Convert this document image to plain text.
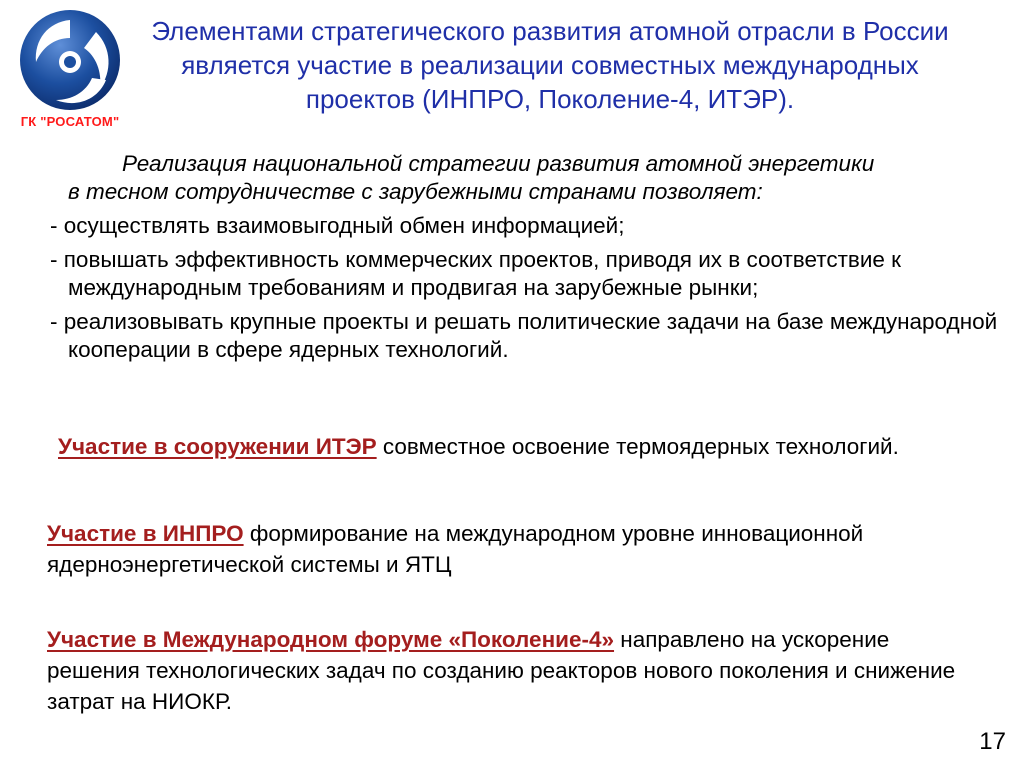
ГК "РОСАТОМ"
Элементами стратегического развития атомной отрасли в России является участие в реализации совместных международных проектов (ИНПРО, Поколение-4, ИТЭР).
Реализация национальной стратегии развития атомной энергетики
в тесном сотрудничестве с зарубежными странами позволяет:
- осуществлять взаимовыгодный обмен информацией;
- повышать эффективность коммерческих проектов, приводя их в соответствие к международным требованиям и продвигая на зарубежные рынки;
- реализовывать крупные проекты и решать политические задачи на базе международной кооперации в сфере ядерных технологий.
Участие в сооружении ИТЭР совместное освоение термоядерных технологий.
Участие в ИНПРО формирование на международном уровне инновационной ядерноэнергетической системы и ЯТЦ
Участие в Международном форуме «Поколение-4» направлено на ускорение решения технологических задач по созданию реакторов нового поколения и снижение затрат на НИОКР.
17
